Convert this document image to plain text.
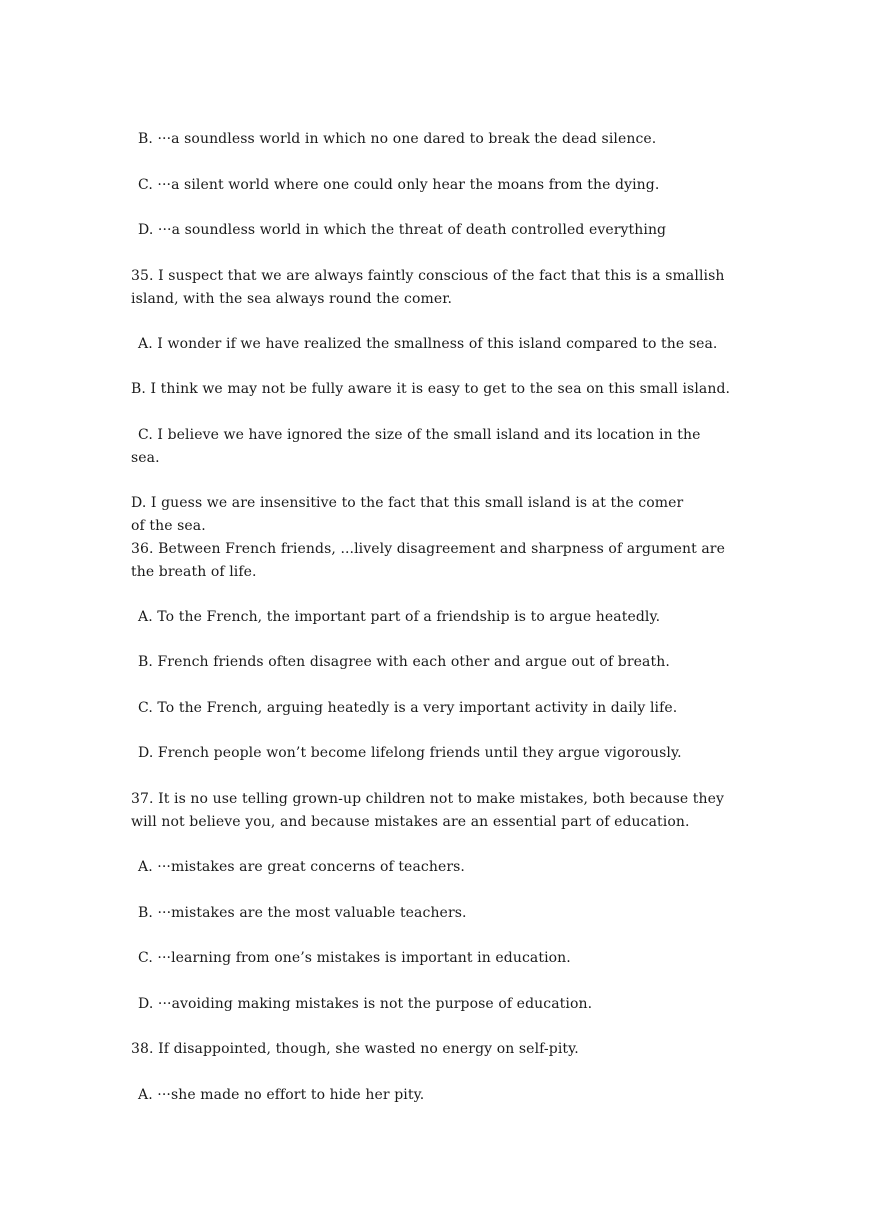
B. ···a soundless world in which no one dared to break the dead silence.
C. ···a silent world where one could only hear the moans from the dying.
D. ···a soundless world in which the threat of death controlled everything
35. I suspect that we are always faintly conscious of the fact that this is a smallish
island, with the sea always round the comer.
A. I wonder if we have realized the smallness of this island compared to the sea.
B. I think we may not be fully aware it is easy to get to the sea on this small island.
C. I believe we have ignored the size of the small island and its location in the
sea.
D. I guess we are insensitive to the fact that this small island is at the comer
of the sea.
36. Between French friends, ...lively disagreement and sharpness of argument are
the breath of life.
A. To the French, the important part of a friendship is to argue heatedly.
B. French friends often disagree with each other and argue out of breath.
C. To the French, arguing heatedly is a very important activity in daily life.
D. French people won’t become lifelong friends until they argue vigorously.
37. It is no use telling grown-up children not to make mistakes, both because they
will not believe you, and because mistakes are an essential part of education.
A. ···mistakes are great concerns of teachers.
B. ···mistakes are the most valuable teachers.
C. ···learning from one’s mistakes is important in education.
D. ···avoiding making mistakes is not the purpose of education.
38. If disappointed, though, she wasted no energy on self-pity.
A. ···she made no effort to hide her pity.
